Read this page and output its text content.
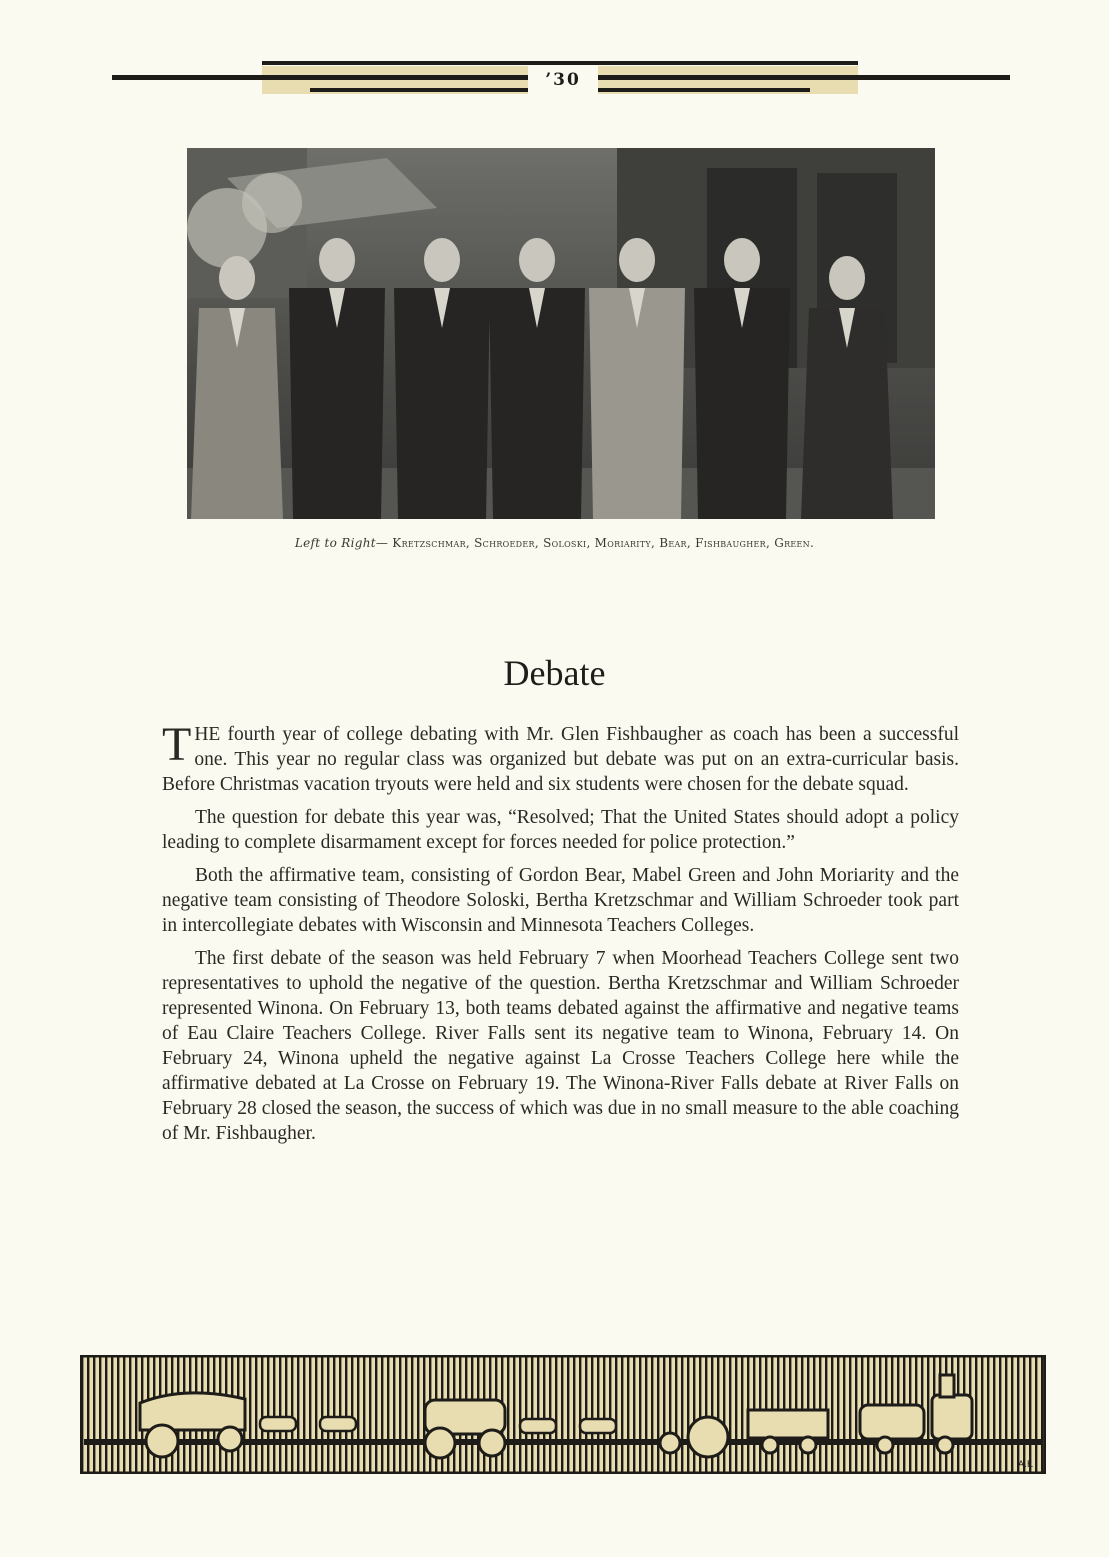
’30
Left to Right— Kretzschmar, Schroeder, Soloski, Moriarity, Bear, Fishbaugher, Green.
Debate

THE fourth year of college debating with Mr. Glen Fishbaugher as coach has been a successful one. This year no regular class was organized but debate was put on an extra-curricular basis. Before Christmas vacation tryouts were held and six students were chosen for the debate squad.

The question for debate this year was, “Resolved; That the United States should adopt a policy leading to complete disarmament except for forces needed for police protection.”

Both the affirmative team, consisting of Gordon Bear, Mabel Green and John Moriarity and the negative team consisting of Theodore Soloski, Bertha Kretzschmar and William Schroeder took part in intercollegiate debates with Wisconsin and Minnesota Teachers Colleges.

The first debate of the season was held February 7 when Moorhead Teachers College sent two representatives to uphold the negative of the question. Bertha Kretzschmar and William Schroeder represented Winona. On February 13, both teams debated against the affirmative and negative teams of Eau Claire Teachers College. River Falls sent its negative team to Winona, February 14. On February 24, Winona upheld the negative against La Crosse Teachers College here while the affirmative debated at La Crosse on February 19. The Winona-River Falls debate at River Falls on February 28 closed the season, the success of which was due in no small measure to the able coaching of Mr. Fishbaugher.

A.F.
